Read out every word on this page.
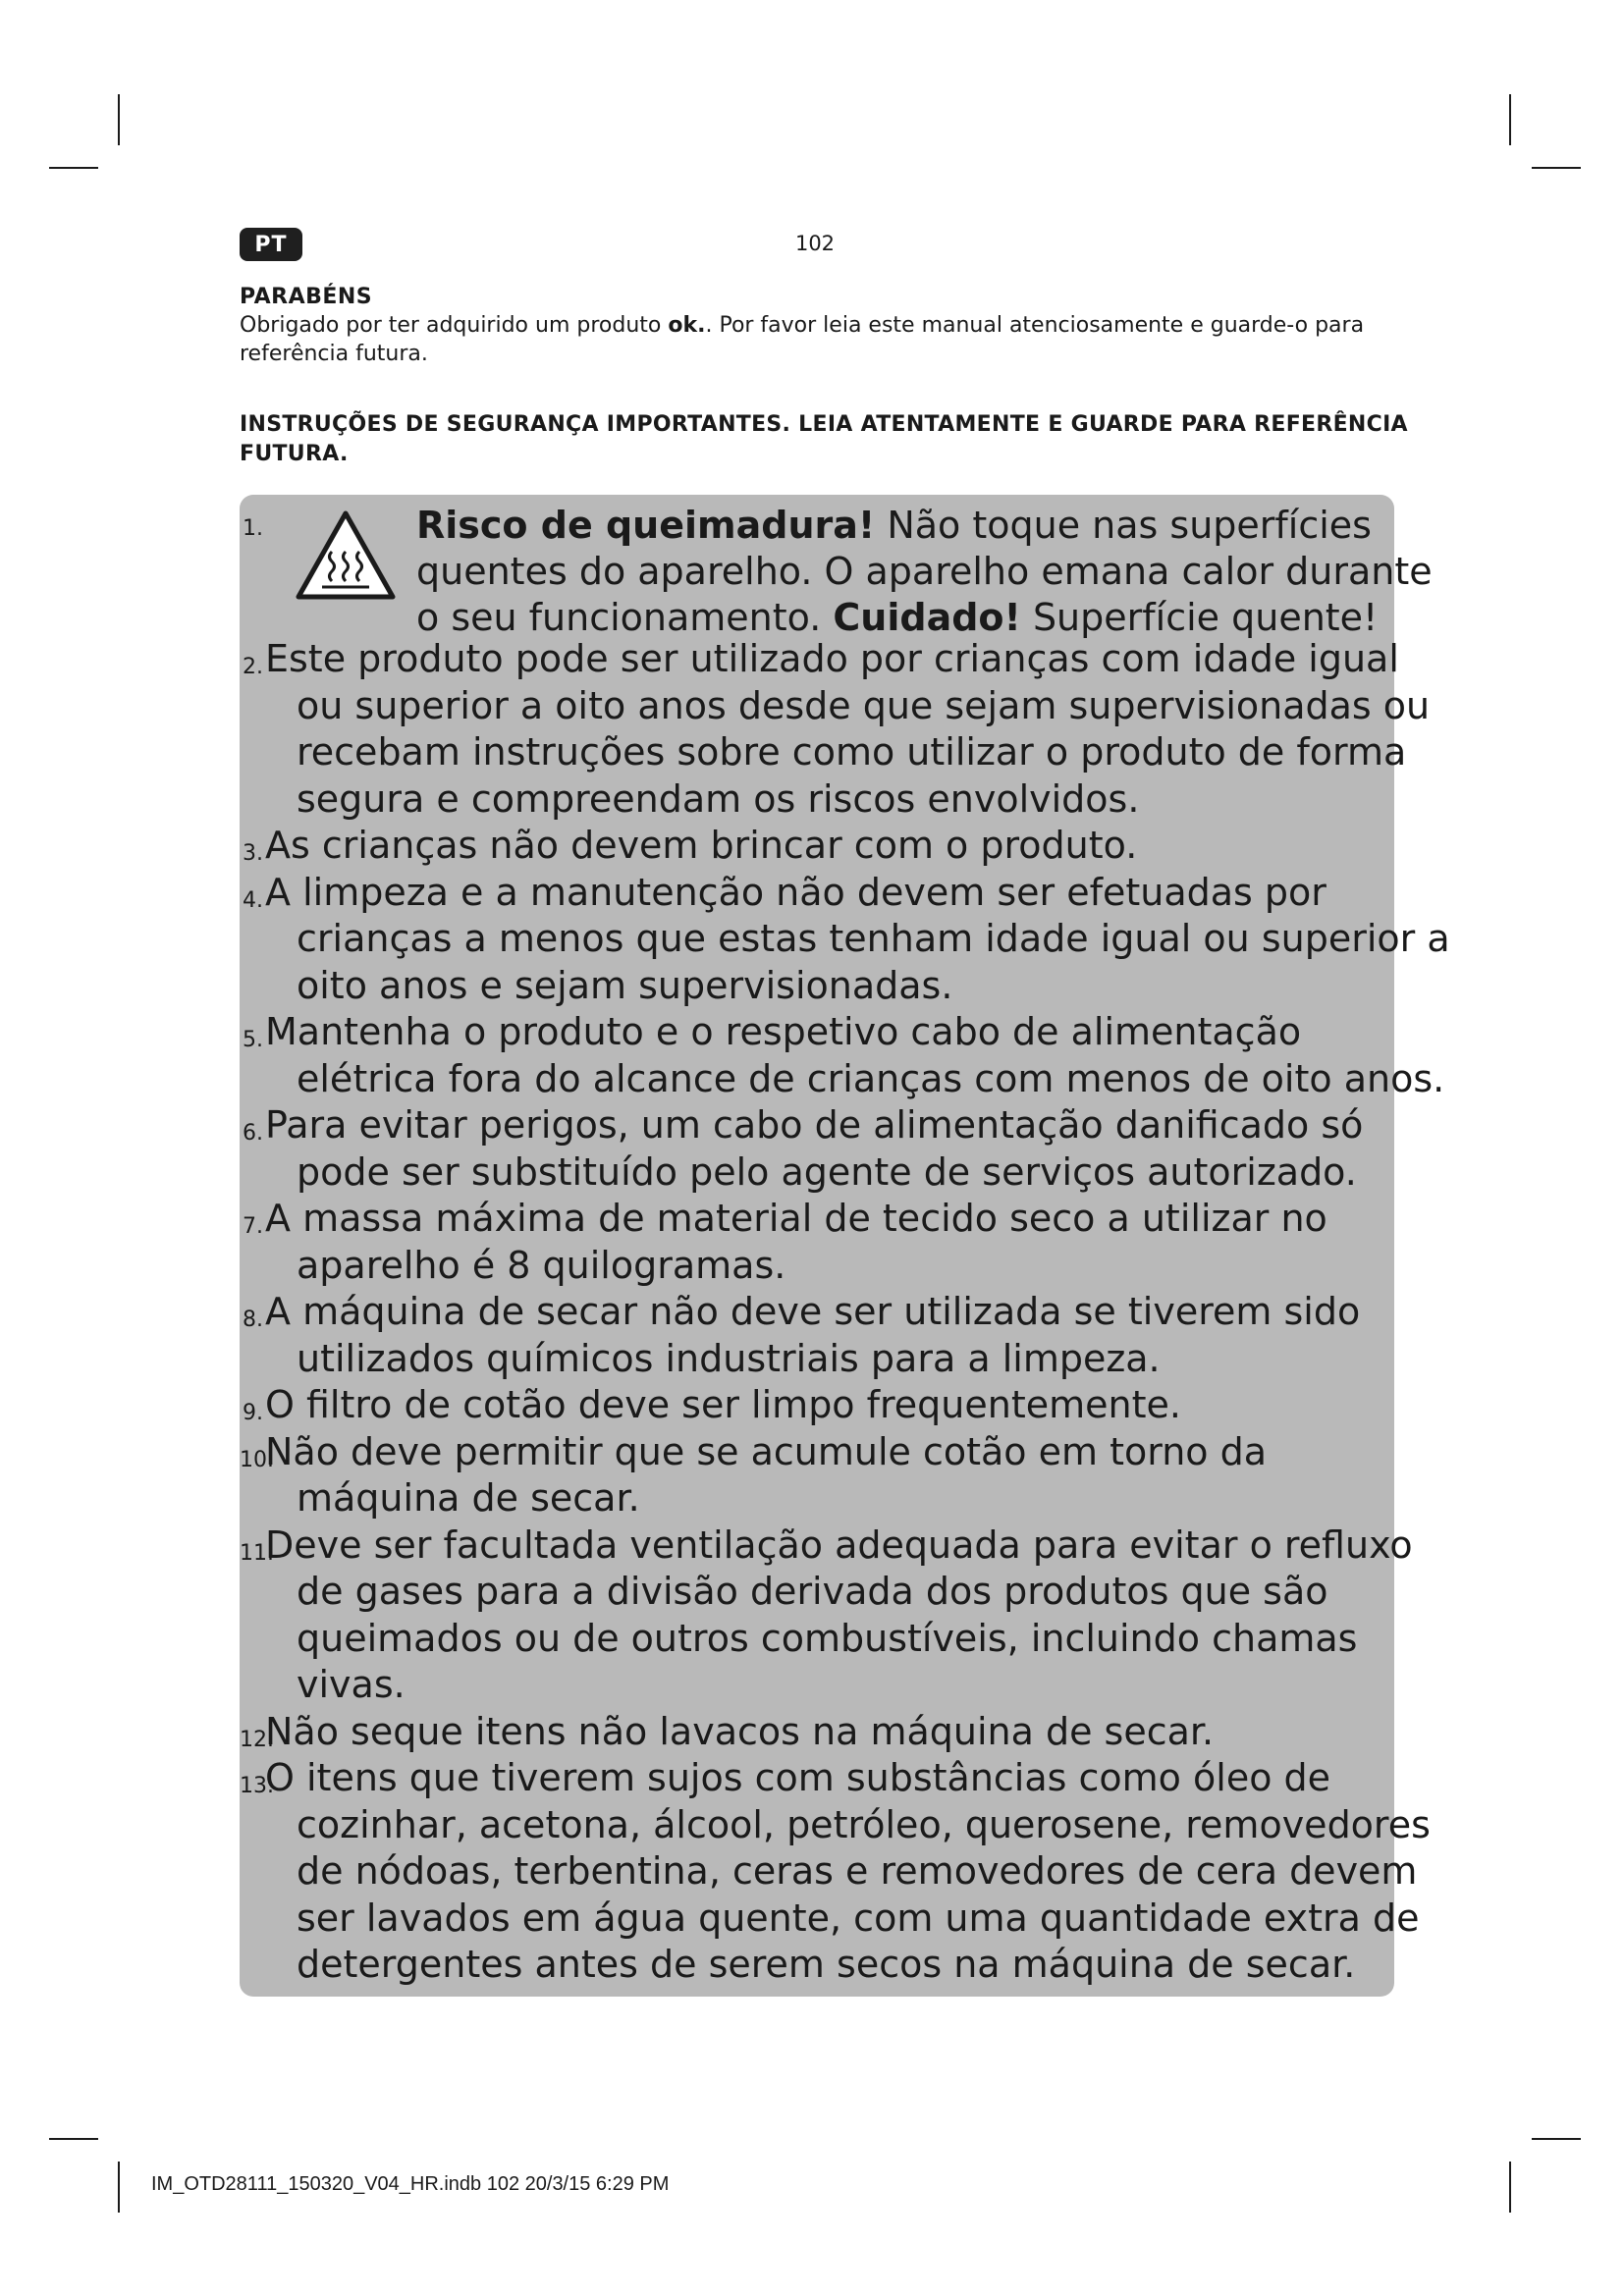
PT	102
PARABÉNS
Obrigado por ter adquirido um produto ok.. Por favor leia este manual atenciosamente e guarde-o para
referência futura.
INSTRUÇÕES DE SEGURANÇA IMPORTANTES. LEIA ATENTAMENTE E GUARDE PARA REFERÊNCIA
FUTURA.
1.	Risco de queimadura! Não toque nas superfícies
quentes do aparelho. O aparelho emana calor durante
o seu funcionamento. Cuidado! Superfície quente!
2. Este produto pode ser utilizado por crianças com idade igual
ou superior a oito anos desde que sejam supervisionadas ou
recebam instruções sobre como utilizar o produto de forma
segura e compreendam os riscos envolvidos.
3. As crianças não devem brincar com o produto.
4. A limpeza e a manutenção não devem ser efetuadas por
crianças a menos que estas tenham idade igual ou superior a
oito anos e sejam supervisionadas.
5. Mantenha o produto e o respetivo cabo de alimentação
elétrica fora do alcance de crianças com menos de oito anos.
6. Para evitar perigos, um cabo de alimentação danificado só
pode ser substituído pelo agente de serviços autorizado.
7. A massa máxima de material de tecido seco a utilizar no
aparelho é 8 quilogramas.
8. A máquina de secar não deve ser utilizada se tiverem sido
utilizados químicos industriais para a limpeza.
9. O filtro de cotão deve ser limpo frequentemente.
10.
Não deve permitir que se acumule cotão em torno da
máquina de secar.
11.
Deve ser facultada ventilação adequada para evitar o refluxo
de gases para a divisão derivada dos produtos que são
queimados ou de outros combustíveis, incluindo chamas
vivas.
12.
Não seque itens não lavacos na máquina de secar.
13.
O itens que tiverem sujos com substâncias como óleo de
cozinhar, acetona, álcool, petróleo, querosene, removedores
de nódoas, terbentina, ceras e removedores de cera devem
ser lavados em água quente, com uma quantidade extra de
detergentes antes de serem secos na máquina de secar.
IM_OTD28111_150320_V04_HR.indb 102 20/3/15 6:29 PM
